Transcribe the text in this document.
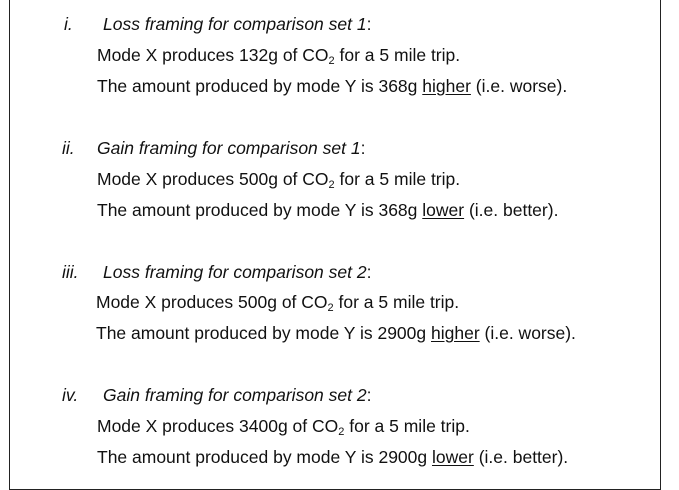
i. Loss framing for comparison set 1:
Mode X produces 132g of $CO_2$ for a 5 mile trip.
The amount produced by mode Y is 368g higher (i.e. worse).
ii. Gain framing for comparison set 1:
Mode X produces 500g of $CO_2$ for a 5 mile trip.
The amount produced by mode Y is 368g lower (i.e. better).
iii. Loss framing for comparison set 2:
Mode X produces 500g of $CO_2$ for a 5 mile trip.
The amount produced by mode Y is 2900g higher (i.e. worse).
iv. Gain framing for comparison set 2:
Mode X produces 3400g of $CO_2$ for a 5 mile trip.
The amount produced by mode Y is 2900g lower (i.e. better).
